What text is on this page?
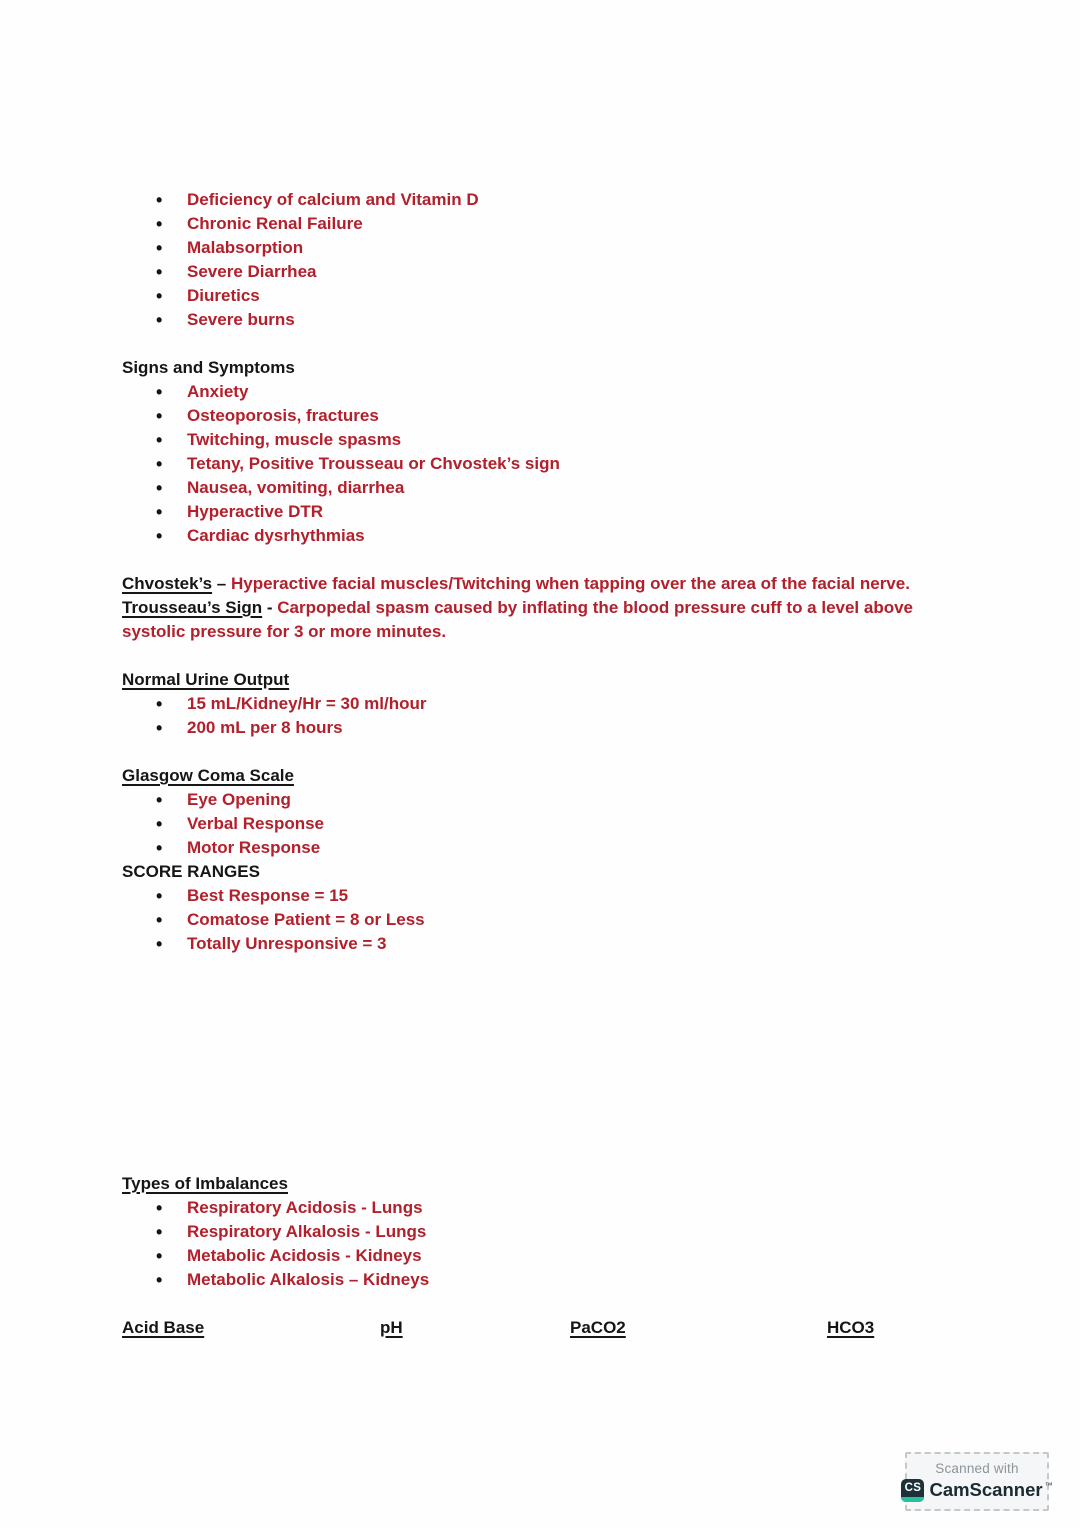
• Deficiency of calcium and Vitamin D
• Chronic Renal Failure
• Malabsorption
• Severe Diarrhea
• Diuretics
• Severe burns
Signs and Symptoms
• Anxiety
• Osteoporosis, fractures
• Twitching, muscle spasms
• Tetany, Positive Trousseau or Chvostek’s sign
• Nausea, vomiting, diarrhea
• Hyperactive DTR
• Cardiac dysrhythmias

Chvostek’s – Hyperactive facial muscles/Twitching when tapping over the area of the facial nerve.

Trousseau’s Sign - Carpopedal spasm caused by inflating the blood pressure cuff to a level above systolic pressure for 3 or more minutes.

Normal Urine Output
• 15 mL/Kidney/Hr = 30 ml/hour
• 200 mL per 8 hours
Glasgow Coma Scale
• Eye Opening
• Verbal Response
• Motor Response
SCORE RANGES
• Best Response = 15
• Comatose Patient = 8 or Less
• Totally Unresponsive = 3
Types of Imbalances
• Respiratory Acidosis - Lungs
• Respiratory Alkalosis - Lungs
• Metabolic Acidosis - Kidneys
• Metabolic Alkalosis – Kidneys
Acid Base	pH	PaCO2	HCO3
Scanned with
CS CamScanner ™
